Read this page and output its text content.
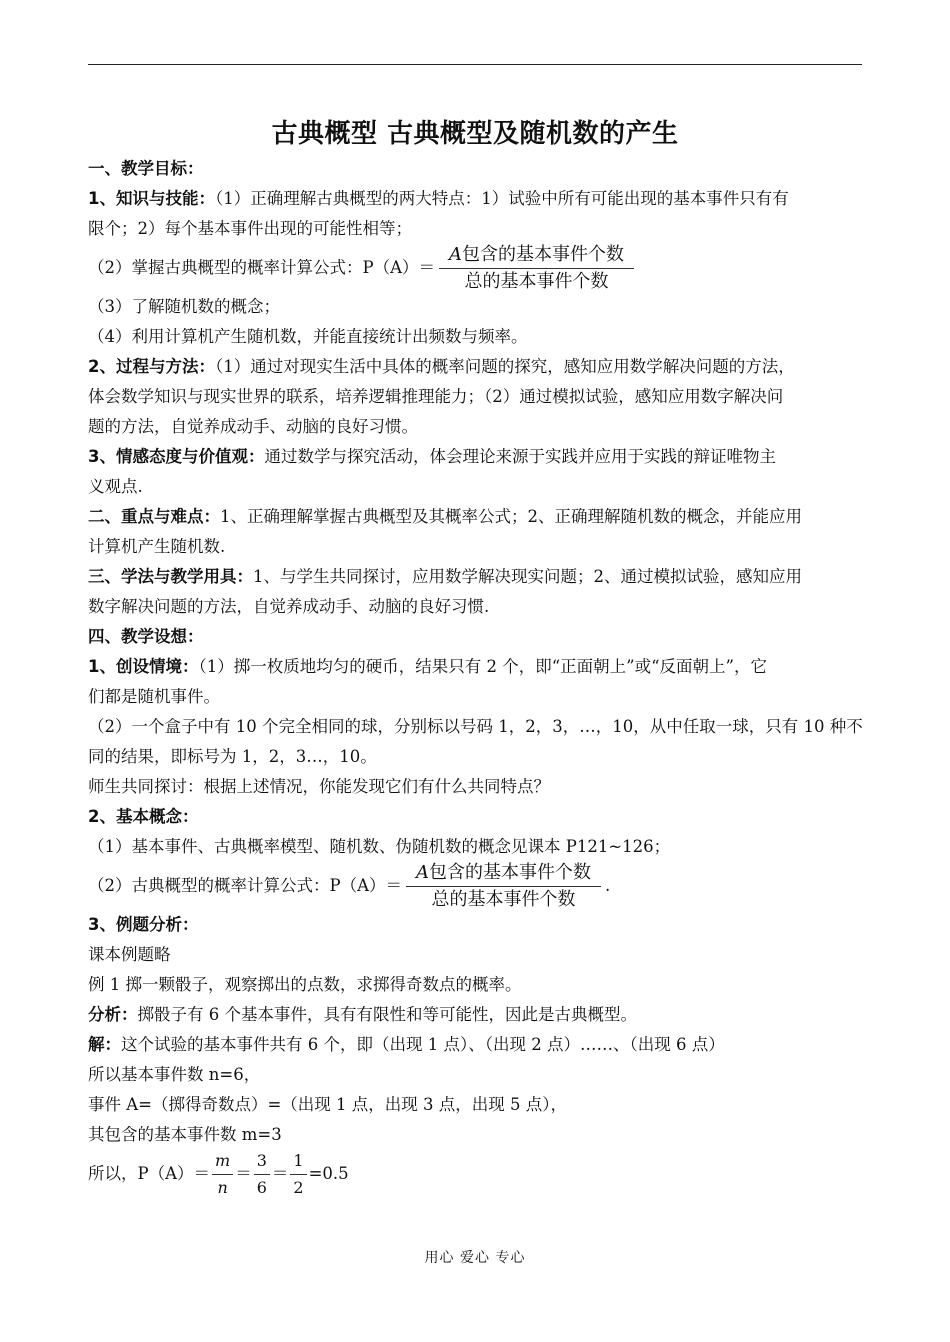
古典概型 古典概型及随机数的产生
一、教学目标：
1、知识与技能：（1）正确理解古典概型的两大特点：1）试验中所有可能出现的基本事件只有有
限个；2）每个基本事件出现的可能性相等；
（2）掌握古典概型的概率计算公式：$P(A)= \frac{\text{A包含的基本事件个数}}{\text{总的基本事件个数}}$
（3）了解随机数的概念；
（4）利用计算机产生随机数，并能直接统计出频数与频率。
2、过程与方法：（1）通过对现实生活中具体的概率问题的探究，感知应用数学解决问题的方法，
体会数学知识与现实世界的联系，培养逻辑推理能力；（2）通过模拟试验，感知应用数字解决问
题的方法，自觉养成动手、动脑的良好习惯。
3、情感态度与价值观：通过数学与探究活动，体会理论来源于实践并应用于实践的辩证唯物主
义观点.
二、重点与难点：1、正确理解掌握古典概型及其概率公式；2、正确理解随机数的概念，并能应用
计算机产生随机数.
三、学法与教学用具：1、与学生共同探讨，应用数学解决现实问题；2、通过模拟试验，感知应用
数字解决问题的方法，自觉养成动手、动脑的良好习惯.
四、教学设想：
1、创设情境：（1）掷一枚质地均匀的硬币，结果只有 2 个，即“正面朝上”或“反面朝上”，它
们都是随机事件。
（2）一个盒子中有 10 个完全相同的球，分别标以号码 1，2，3，…，10，从中任取一球，只有 10 种不
同的结果，即标号为 1，2，3…，10。
师生共同探讨：根据上述情况，你能发现它们有什么共同特点？
2、基本概念：
（1）基本事件、古典概率模型、随机数、伪随机数的概念见课本 P121~126；
（2）古典概型的概率计算公式：$P(A)= \frac{\text{A包含的基本事件个数}}{\text{总的基本事件个数}}$ .
3、例题分析：
课本例题略
例 1 掷一颗骰子，观察掷出的点数，求掷得奇数点的概率。
分析：掷骰子有 6 个基本事件，具有有限性和等可能性，因此是古典概型。
解：这个试验的基本事件共有 6 个，即（出现 1 点）、（出现 2 点）……、（出现 6 点）
所以基本事件数 n=6，
事件 A=（掷得奇数点）=（出现 1 点，出现 3 点，出现 5 点），
其包含的基本事件数 m=3
所以，$P(A)= \frac{m}{n} = \frac{3}{6} = \frac{1}{2} =0.5$
用心 爱心 专心
